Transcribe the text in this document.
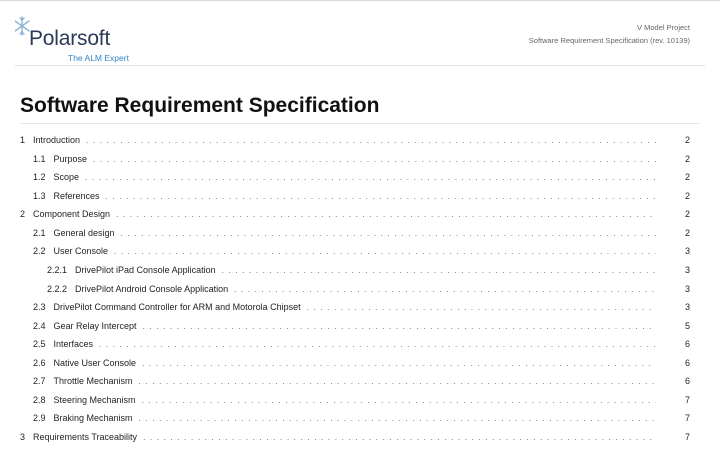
Polarsoft
The ALM Expert
V Model Project
Software Requirement Specification (rev. 10139)
Software Requirement Specification
1 Introduction . . .	2
1.1 Purpose . . .	2
1.2 Scope . . .	2
1.3 References . . .	2
2 Component Design . . .	2
2.1 General design . . .	2
2.2 User Console . . .	3
2.2.1 DrivePilot iPad Console Application . . .	3
2.2.2 DrivePilot Android Console Application . . .	3
2.3 DrivePilot Command Controller for ARM and Motorola Chipset . . .	3
2.4 Gear Relay Intercept . . .	5
2.5 Interfaces . . .	6
2.6 Native User Console . . .	6
2.7 Throttle Mechanism . . .	6
2.8 Steering Mechanism . . .	7
2.9 Braking Mechanism . . .	7
3 Requirements Traceability . . .	7
